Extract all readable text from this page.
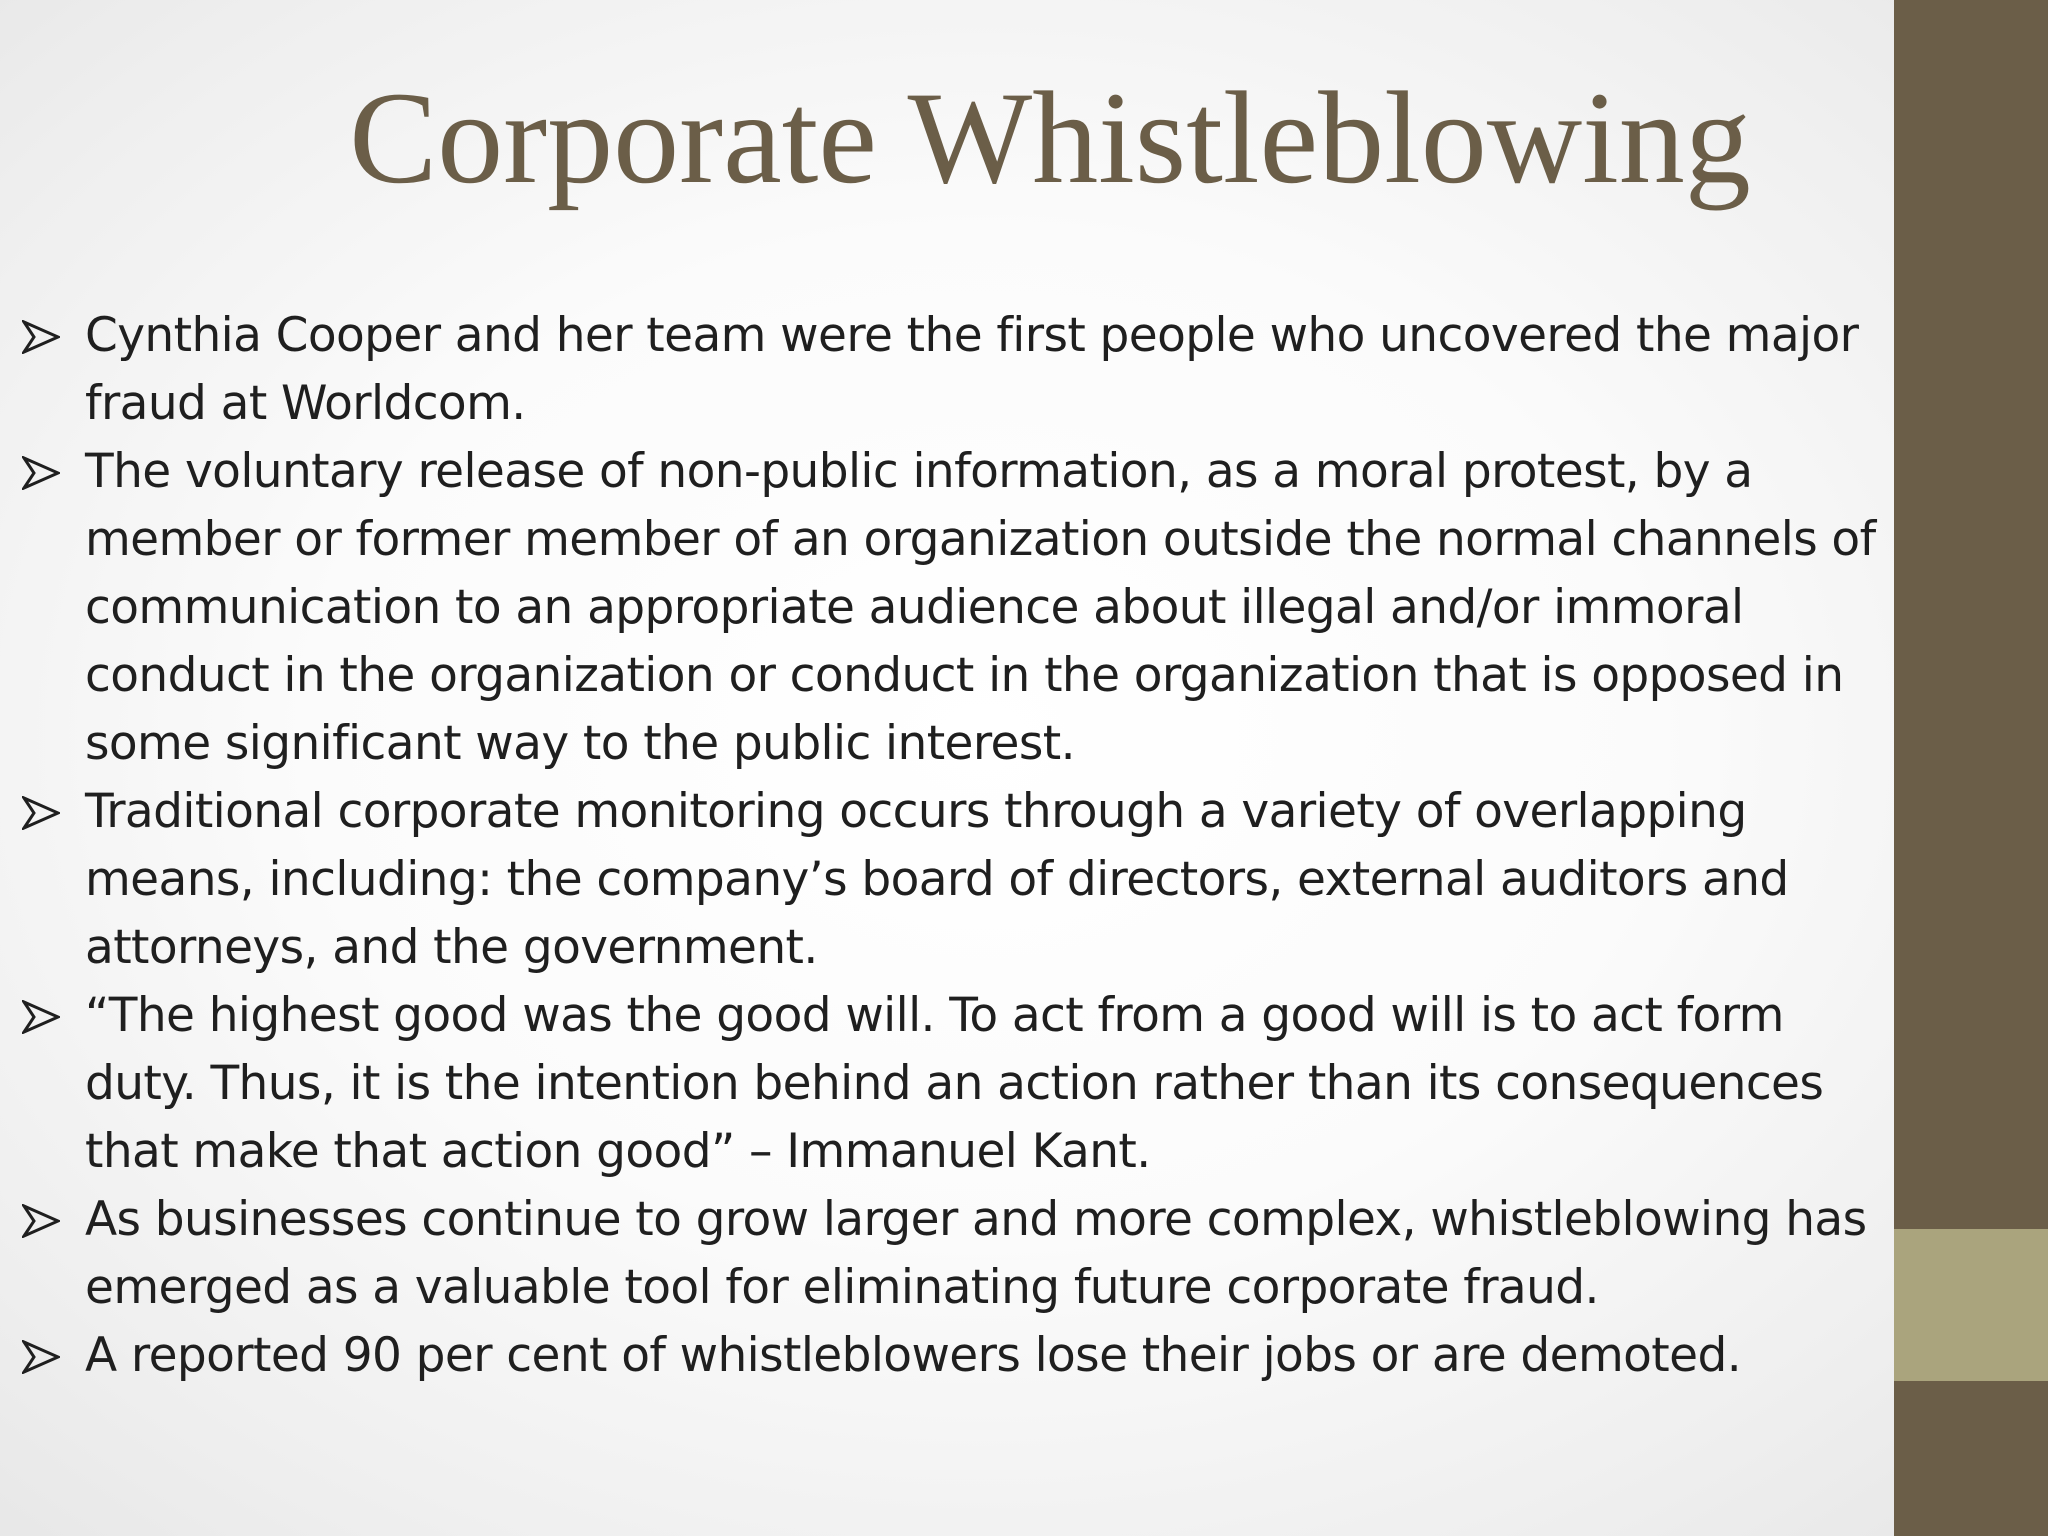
Corporate Whistleblowing
Cynthia Cooper and her team were the first people who uncovered the major fraud at Worldcom.
The voluntary release of non-public information, as a moral protest, by a member or former member of an organization outside the normal channels of communication to an appropriate audience about illegal and/or immoral conduct in the organization or conduct in the organization that is opposed in some significant way to the public interest.
Traditional corporate monitoring occurs through a variety of overlapping means, including: the company’s board of directors, external auditors and attorneys, and the government.
“The highest good was the good will. To act from a good will is to act form duty. Thus, it is the intention behind an action rather than its consequences that make that action good” – Immanuel Kant.
As businesses continue to grow larger and more complex, whistleblowing has emerged as a valuable tool for eliminating future corporate fraud.
A reported 90 per cent of whistleblowers lose their jobs or are demoted.
